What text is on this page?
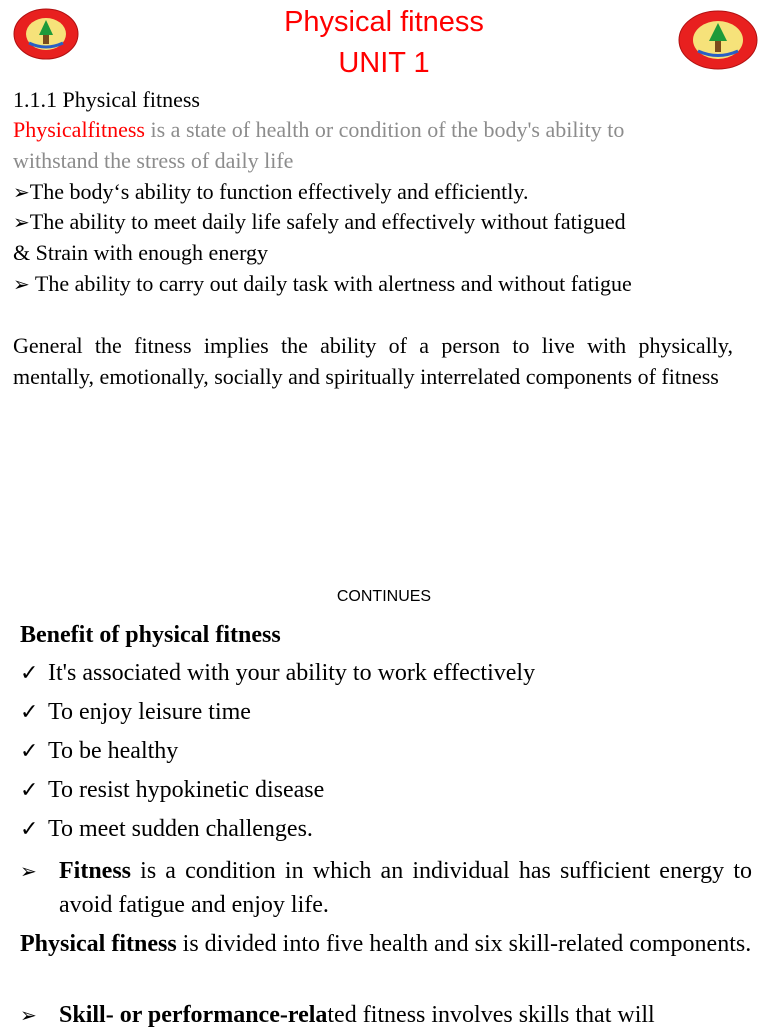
Physical fitness
UNIT 1
1.1.1 Physical fitness
Physicalfitness is a state of health or condition of the body's ability to
withstand the stress of daily life
➢The body‘s ability to function effectively and efficiently.
➢The ability to meet daily life safely and effectively without fatigued
& Strain with enough energy
➢ The ability to carry out daily task with alertness and without fatigue
General the fitness implies the ability of a person to live with physically, mentally, emotionally, socially and spiritually interrelated components of fitness
CONTINUES
Benefit of physical fitness
✓ It's associated with your ability to work effectively
✓ To enjoy leisure time
✓ To be healthy
✓ To resist hypokinetic disease
✓ To meet sudden challenges.
➢ Fitness is a condition in which an individual has sufficient energy to avoid fatigue and enjoy life.
Physical fitness is divided into five health and six skill-related components.
➢ Skill- or performance-related fitness involves skills that will
